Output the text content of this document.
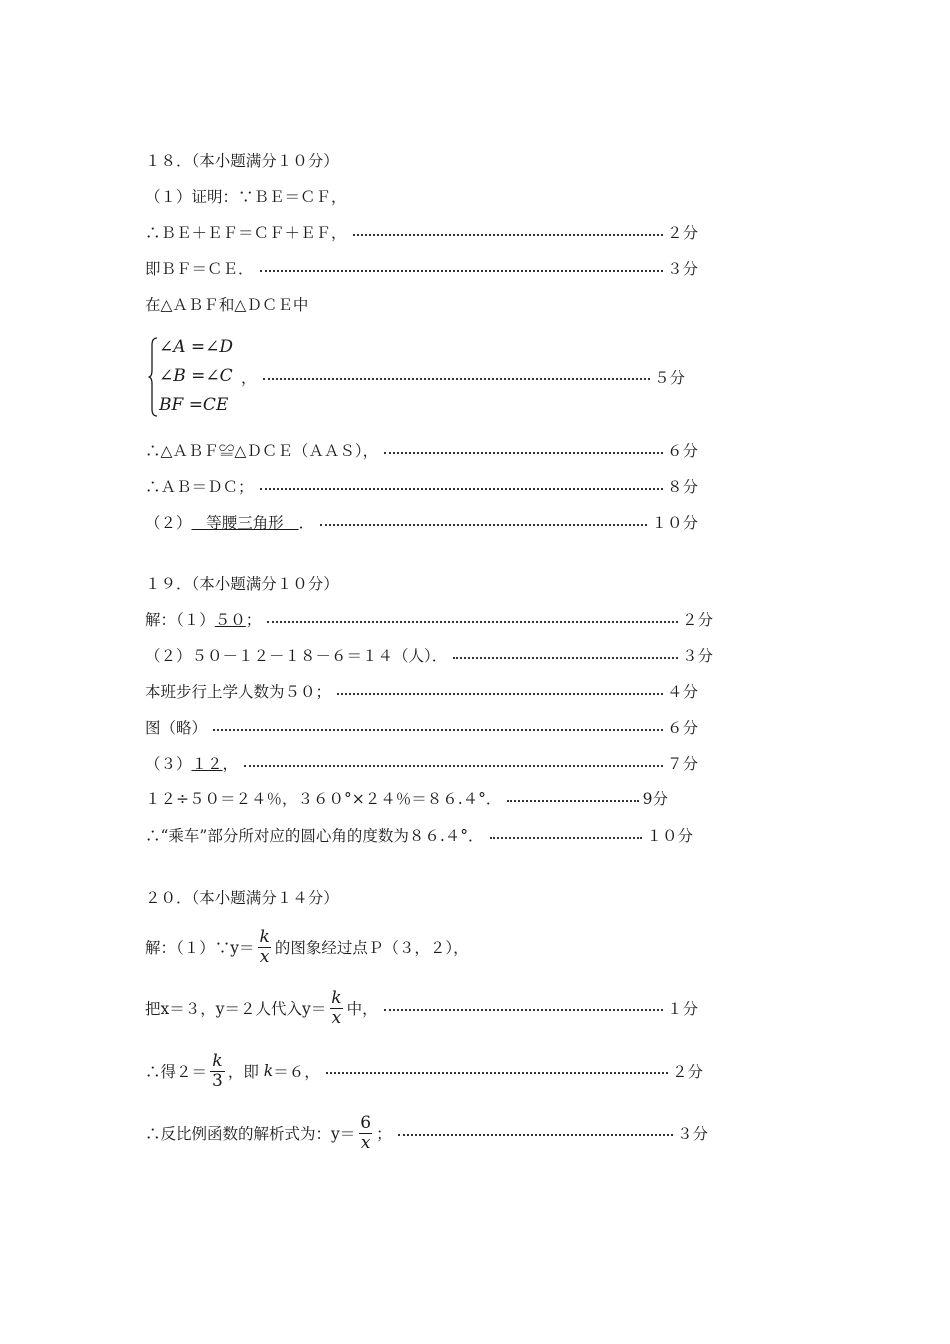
１８．（本小题满分１０分）
（１）证明：∵ＢＥ＝ＣＦ，
∴ＢＥ＋ＥＦ＝ＣＦ＋ＥＦ，	２分
即ＢＦ＝ＣＥ．	３分
在△ＡＢＦ和△ＤＣＥ中
∠A =∠D
∠B =∠C
BF =CE
，	５分
∴△ＡＢＦ≌△ＤＣＥ（ＡＡＳ），	６分
∴ＡＢ＝ＤＣ；	８分
（２） 等腰三角形 ．	１０分
１９．（本小题满分１０分）
解：（１） ５０ ；	２分
（２）５０－１２－１８－６＝１４（人）．	３分
本班步行上学人数为５０；	４分
图（略）	６分
（３） １２ ，	７分
１２÷５０＝２４％，３６０°×２４％＝８６.４°．	9分
∴“乘车”部分所对应的圆心角的度数为８６.４°．	１０分
２０．（本小题满分１４分）
解：（１）∵y＝ $\frac{k}{x}$ 的图象经过点Ｐ（３，２），
把x＝３，y＝２人代入$y= \frac{k}{x}$ 中，	１分
∴得$2= \frac{k}{3}$ ，即 k ＝６，	２分
∴反比例函数的解析式为：$y= \frac{6}{x}$ ；	３分
